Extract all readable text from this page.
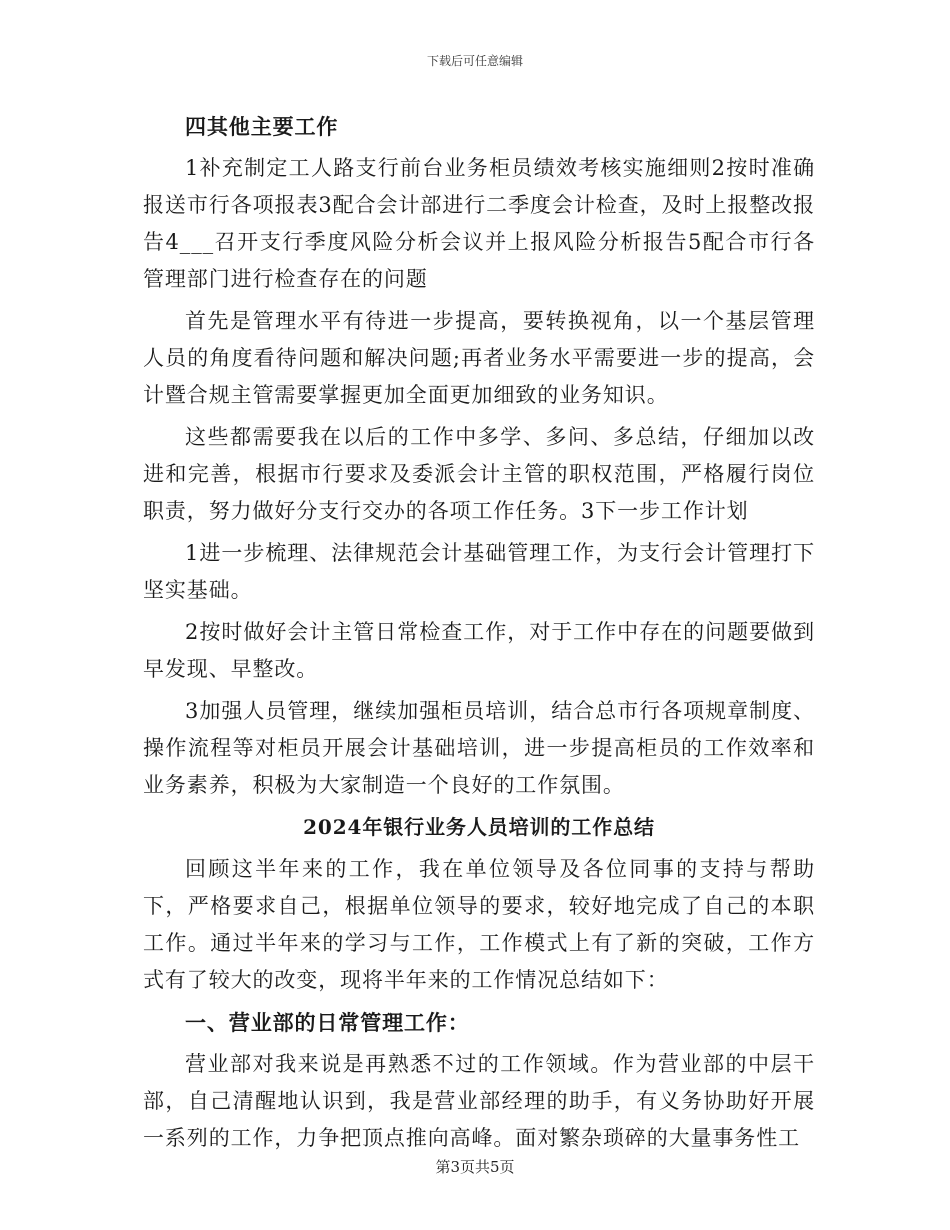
下载后可任意编辑

四其他主要工作

1补充制定工人路支行前台业务柜员绩效考核实施细则2按时准确报送市行各项报表3配合会计部进行二季度会计检查，及时上报整改报告4___召开支行季度风险分析会议并上报风险分析报告5配合市行各管理部门进行检查存在的问题

首先是管理水平有待进一步提高，要转换视角，以一个基层管理人员的角度看待问题和解决问题;再者业务水平需要进一步的提高，会计暨合规主管需要掌握更加全面更加细致的业务知识。

这些都需要我在以后的工作中多学、多问、多总结，仔细加以改进和完善，根据市行要求及委派会计主管的职权范围，严格履行岗位职责，努力做好分支行交办的各项工作任务。3下一步工作计划

1进一步梳理、法律规范会计基础管理工作，为支行会计管理打下坚实基础。

2按时做好会计主管日常检查工作，对于工作中存在的问题要做到早发现、早整改。

3加强人员管理，继续加强柜员培训，结合总市行各项规章制度、操作流程等对柜员开展会计基础培训，进一步提高柜员的工作效率和业务素养，积极为大家制造一个良好的工作氛围。

2024年银行业务人员培训的工作总结

回顾这半年来的工作，我在单位领导及各位同事的支持与帮助下，严格要求自己，根据单位领导的要求，较好地完成了自己的本职工作。通过半年来的学习与工作，工作模式上有了新的突破，工作方式有了较大的改变，现将半年来的工作情况总结如下：

一、营业部的日常管理工作：

营业部对我来说是再熟悉不过的工作领域。作为营业部的中层干部，自己清醒地认识到，我是营业部经理的助手，有义务协助好开展一系列的工作，力争把顶点推向高峰。面对繁杂琐碎的大量事务性工

第3页共5页
